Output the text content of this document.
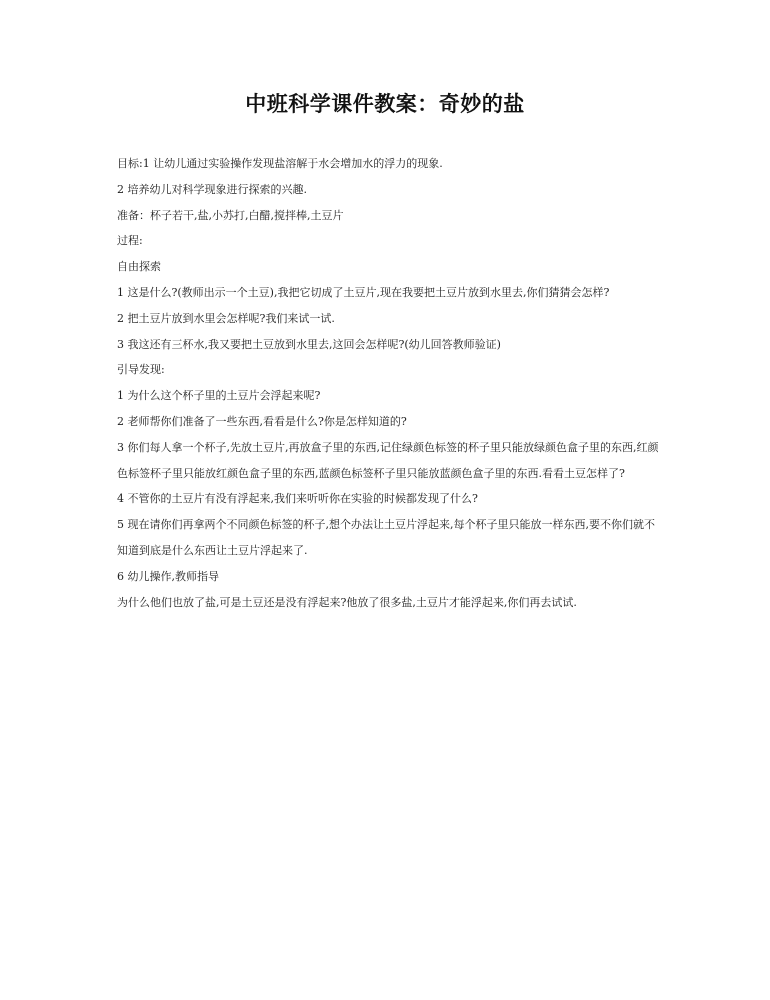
中班科学课件教案：奇妙的盐

目标:1 让幼儿通过实验操作发现盐溶解于水会增加水的浮力的现象.

2 培养幼儿对科学现象进行探索的兴趣.

准备：杯子若干,盐,小苏打,白醋,搅拌棒,土豆片

过程:

自由探索

1 这是什么?(教师出示一个土豆),我把它切成了土豆片,现在我要把土豆片放到水里去,你们猜猜会怎样?

2 把土豆片放到水里会怎样呢?我们来试一试.

3 我这还有三杯水,我又要把土豆放到水里去,这回会怎样呢?(幼儿回答教师验证)

引导发现:

1 为什么这个杯子里的土豆片会浮起来呢?

2 老师帮你们准备了一些东西,看看是什么?你是怎样知道的?

3 你们每人拿一个杯子,先放土豆片,再放盒子里的东西,记住绿颜色标签的杯子里只能放绿颜色盒子里的东西,红颜色标签杯子里只能放红颜色盒子里的东西,蓝颜色标签杯子里只能放蓝颜色盒子里的东西.看看土豆怎样了?

4 不管你的土豆片有没有浮起来,我们来听听你在实验的时候都发现了什么?

5 现在请你们再拿两个不同颜色标签的杯子,想个办法让土豆片浮起来,每个杯子里只能放一样东西,要不你们就不知道到底是什么东西让土豆片浮起来了.

6 幼儿操作,教师指导

为什么他们也放了盐,可是土豆还是没有浮起来?他放了很多盐,土豆片才能浮起来,你们再去试试.
